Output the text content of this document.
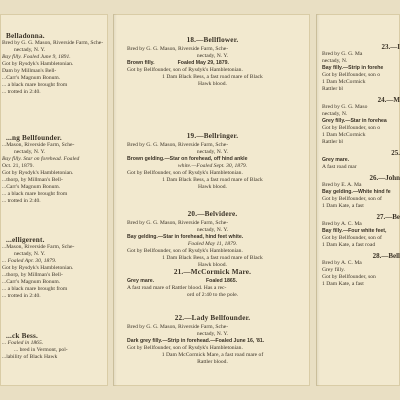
Belladonna.
Bred by G. G. Mason, Riverside Farm, Sche-
nectady, N. Y.
Bay filly. Foaled June 9, 1891.
Got by Rysdyk's Hambletonian.
Dam by Millman's Bell-
...Carr's Magnum Bonum.
... a black mare brought from
... trotted in 2:40.
...ng Bellfounder.
...Mason, Riverside Farm, Sche-
nectady, N. Y.
Bay filly. Star on forehead. Foaled
Oct. 21, 1879.
Got by Rysdyk's Hambletonian.
...thorp, by Millman's Bell-
...Carr's Magnum Bonum.
... a black mare brought from
... trotted in 2:40.
...elligerent.
...Mason, Riverside Farm, Sche-
nectady, N. Y.
... Foaled Apr. 30, 1879.
Got by Rysdyk's Hambletonian.
...thorp, by Millman's Bell-
...Carr's Magnum Bonum.
... a black mare brought from
... trotted in 2:40.
...ck Bess.
... Foaled in 1865.
... bred in Vermont, pol-
...lability of Black Hawk
18.—Bellflower.
Bred by G. G. Mason, Riverside Farm, Sche-
nectady, N. Y.
Brown filly.                Foaled May 29, 1879.
Got by Bellfounder, son of Rysdyk's Hambletonian.
1 Dam Black Bess, a fast road mare of Black
Hawk blood.
19.—Bellringer.
Bred by G. G. Mason, Riverside Farm, Sche-
nectady, N. Y.
Brown gelding.—Star on forehead, off hind ankle
white.—Foaled Sept. 30, 1879.
Got by Bellfounder, son of Rysdyk's Hambletonian.
1 Dam Black Bess, a fast road mare of Black
Hawk blood.
20.—Belvidere.
Bred by G. G. Mason, Riverside Farm, Sche-
nectady, N. Y.
Bay gelding.—Star in forehead, hind feet white.
Foaled May 11, 1879.
Got by Bellfounder, son of Rysdyk's Hambletonian.
1 Dam Black Bess, a fast road mare of Black
Hawk blood.
21.—McCormick Mare.
Grey mare.                                    Foaled 1865.
A fast road mare of Rattler blood. Has a rec-
ord of 2:40 to the pole.
22.—Lady Bellfounder.
Bred by G. G. Mason, Riverside Farm, Sche-
nectady, N. Y.
Dark grey filly.—Strip in forehead.—Foaled June 16, '81.
Got by Bellfounder, son of Rysdyk's Hambletonian.
1 Dam McCormick Mare, a fast road mare of
Rattler blood.
23.—I
Bred by G. G. Ma
nectady, N.
Bay filly.—Strip in forehe
Got by Bellfounder, son o
1 Dam McCormick
Rattler bl

24.—M
Bred by G. G. Maso
nectady, N.
Grey filly.—Star in forehea
Got by Bellfounder, son o
1 Dam McCormick
Rattler bl

25.
Grey mare.
A fast road mar

26.—John
Bred by E. A. Ma
Bay gelding.—White hind fe
Got by Bellfounder, son of
1 Dam Kate, a fast

27.—Be
Bred by A. C. Ma
Bay filly.—Four white feet,
Got by Bellfounder, son of
1 Dam Kate, a fast road

28.—Bell
Bred by A. C. Ma
Grey filly.
Got by Bellfounder, son
1 Dam Kate, a fast
